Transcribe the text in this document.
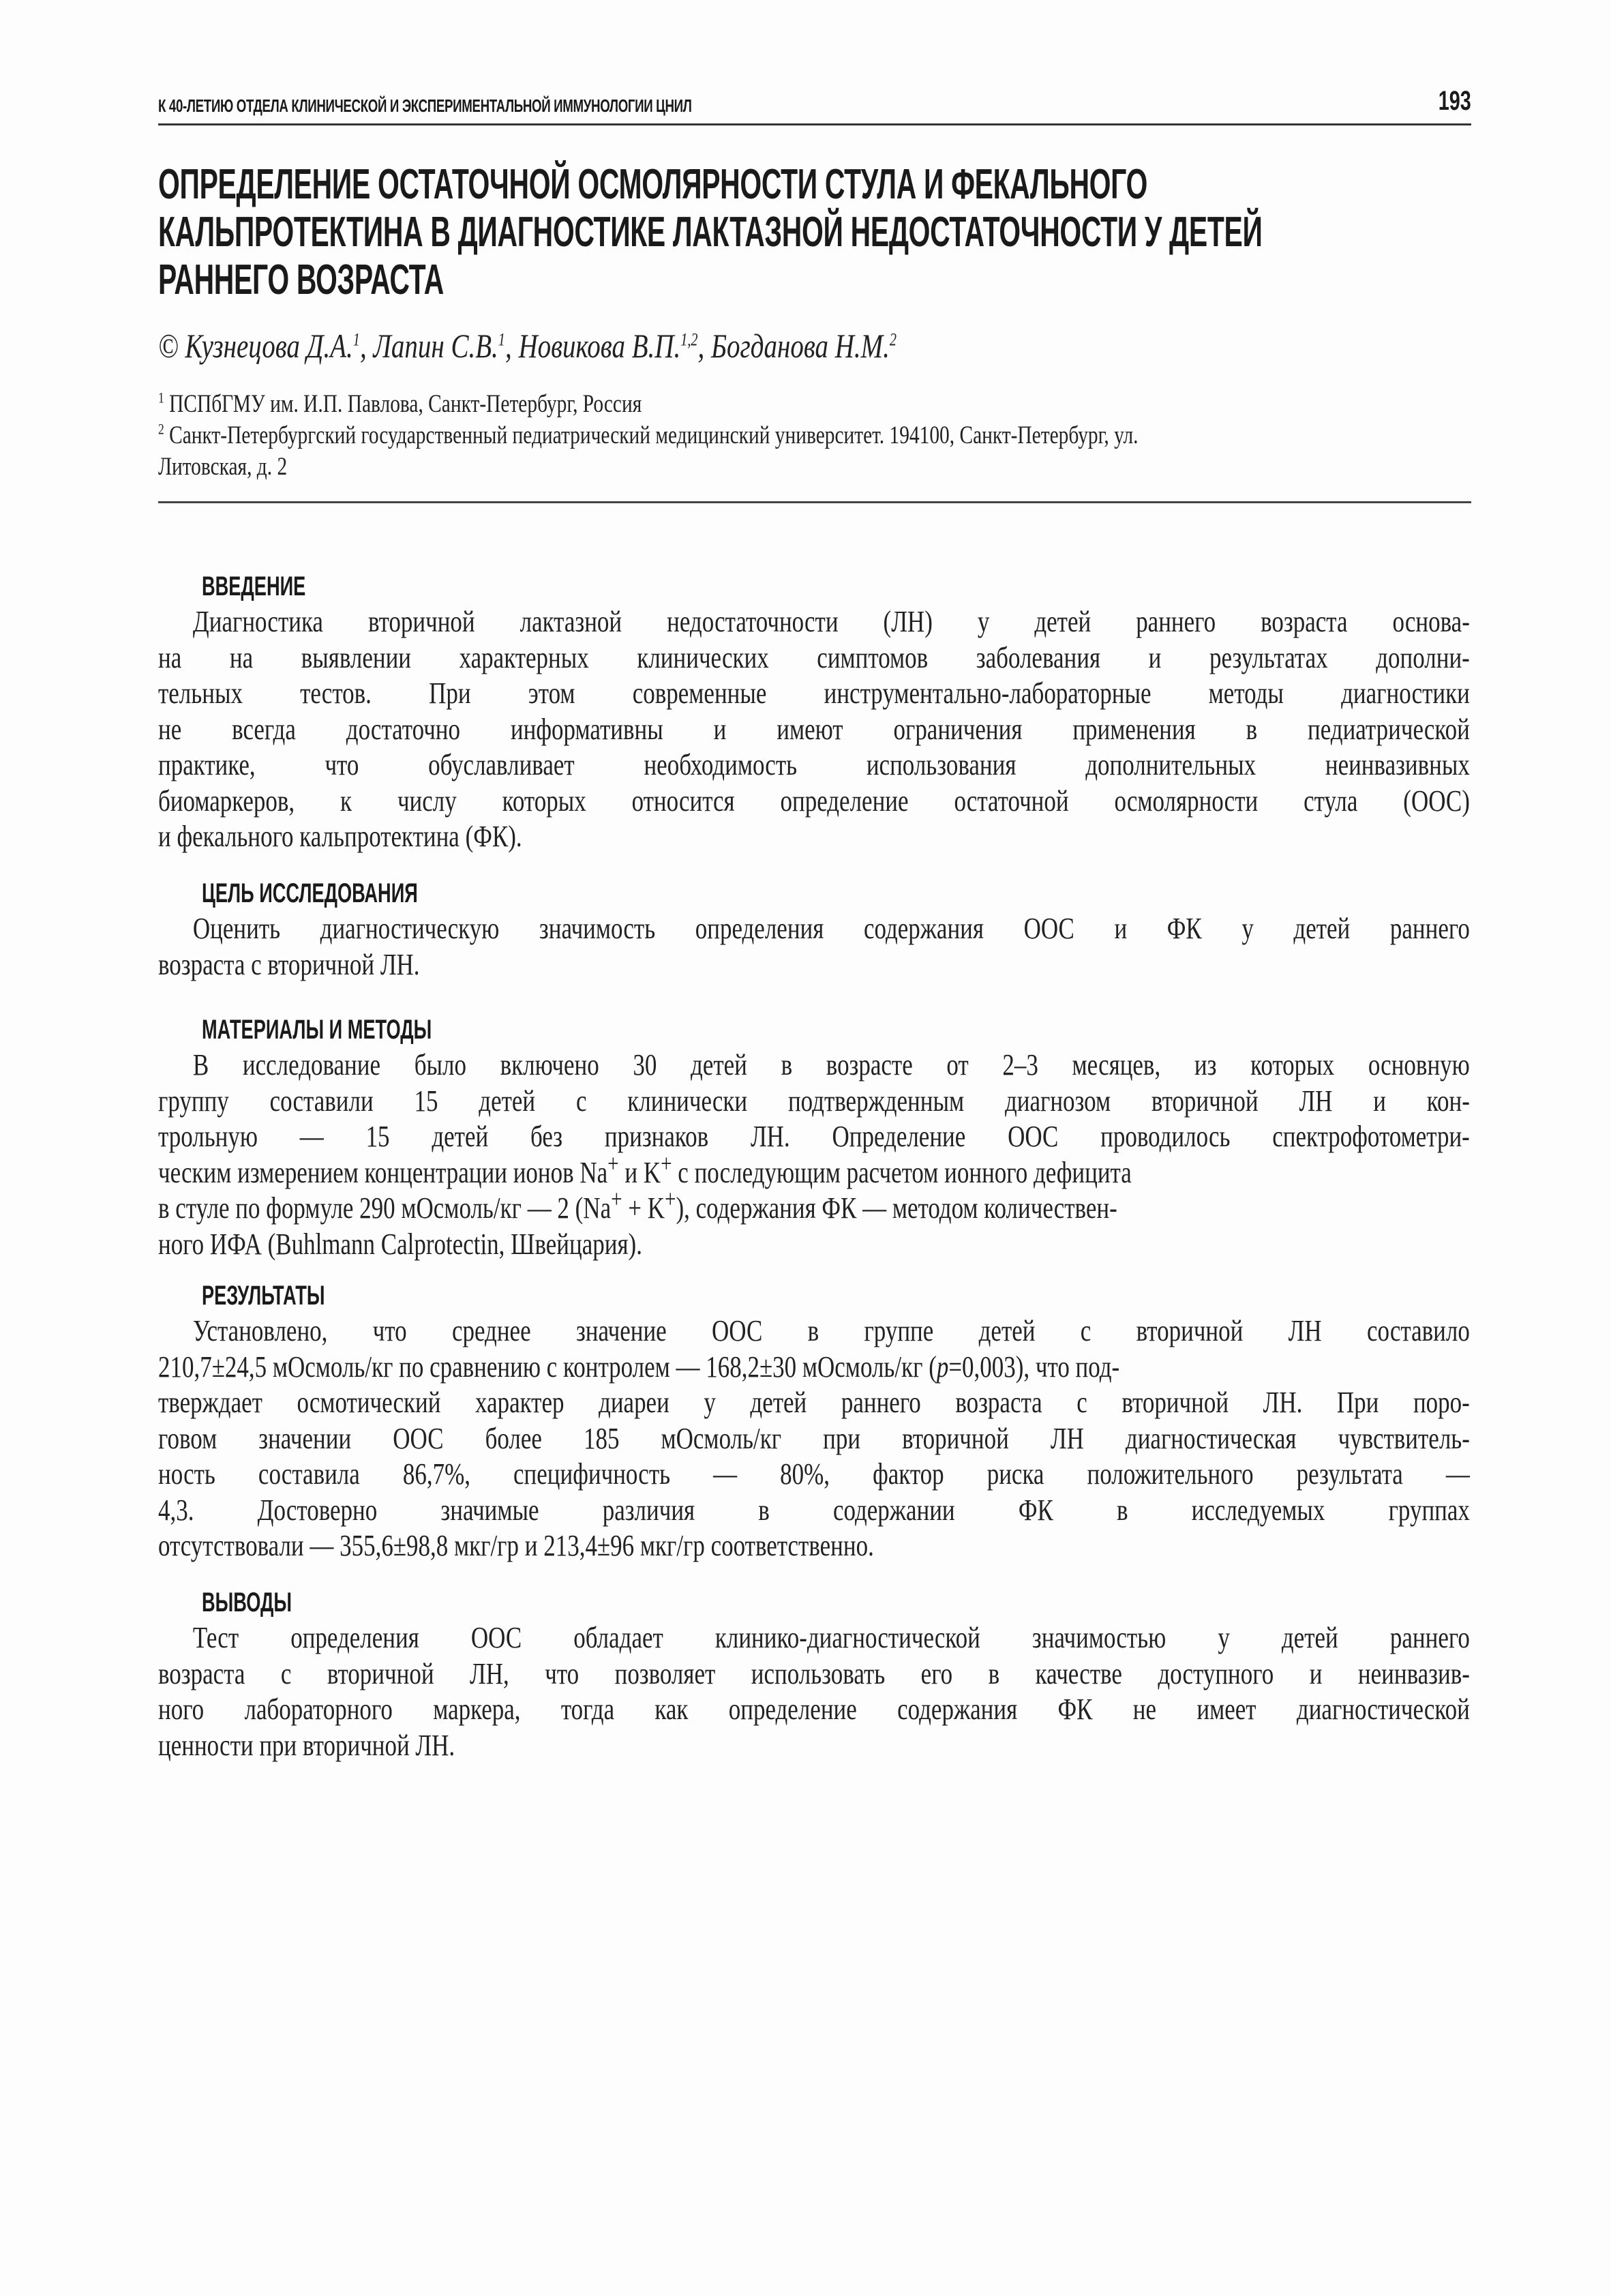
К 40-ЛЕТИЮ ОТДЕЛА КЛИНИЧЕСКОЙ И ЭКСПЕРИМЕНТАЛЬНОЙ ИММУНОЛОГИИ ЦНИЛ	193
ОПРЕДЕЛЕНИЕ ОСТАТОЧНОЙ ОСМОЛЯРНОСТИ СТУЛА И ФЕКАЛЬНОГО
КАЛЬПРОТЕКТИНА В ДИАГНОСТИКЕ ЛАКТАЗНОЙ НЕДОСТАТОЧНОСТИ У ДЕТЕЙ
РАННЕГО ВОЗРАСТА
© Кузнецова Д.А.$^1$, Лапин С.В.$^1$, Новикова В.П.$^{1,2}$, Богданова Н.М.$^2$
$^1$ ПСПбГМУ им. И.П. Павлова, Санкт-Петербург, Россия
$^2$ Санкт-Петербургский государственный педиатрический медицинский университет. 194100, Санкт-Петербург, ул.
Литовская, д. 2
ВВЕДЕНИЕ
Диагностика вторичной лактазной недостаточности (ЛН) у детей раннего возраста основа-
на на выявлении характерных клинических симптомов заболевания и результатах дополни-
тельных тестов. При этом современные инструментально-лабораторные методы диагностики
не всегда достаточно информативны и имеют ограничения применения в педиатрической
практике, что обуславливает необходимость использования дополнительных неинвазивных
биомаркеров, к числу которых относится определение остаточной осмолярности стула (ООС)
и фекального кальпротектина (ФК).
ЦЕЛЬ ИССЛЕДОВАНИЯ
Оценить диагностическую значимость определения содержания ООС и ФК у детей раннего
возраста с вторичной ЛН.
МАТЕРИАЛЫ И МЕТОДЫ
В исследование было включено 30 детей в возрасте от 2–3 месяцев, из которых основную
группу составили 15 детей с клинически подтвержденным диагнозом вторичной ЛН и кон-
трольную — 15 детей без признаков ЛН. Определение ООС проводилось спектрофотометри-
ческим измерением концентрации ионов Na+ и K+ с последующим расчетом ионного дефицита
в стуле по формуле 290 мОсмоль/кг — 2 (Na+ + K+), содержания ФК — методом количествен-
ного ИФА (Buhlmann Calprotectin, Швейцария).
РЕЗУЛЬТАТЫ
Установлено, что среднее значение ООС в группе детей с вторичной ЛН составило
210,7±24,5 мОсмоль/кг по сравнению с контролем — 168,2±30 мОсмоль/кг (p=0,003), что под-
тверждает осмотический характер диареи у детей раннего возраста с вторичной ЛН. При поро-
говом значении ООС более 185 мОсмоль/кг при вторичной ЛН диагностическая чувствитель-
ность составила 86,7%, специфичность — 80%, фактор риска положительного результата —
4,3. Достоверно значимые различия в содержании ФК в исследуемых группах
отсутствовали — 355,6±98,8 мкг/гр и 213,4±96 мкг/гр соответственно.
ВЫВОДЫ
Тест определения ООС обладает клинико-диагностической значимостью у детей раннего
возраста с вторичной ЛН, что позволяет использовать его в качестве доступного и неинвазив-
ного лабораторного маркера, тогда как определение содержания ФК не имеет диагностической
ценности при вторичной ЛН.
